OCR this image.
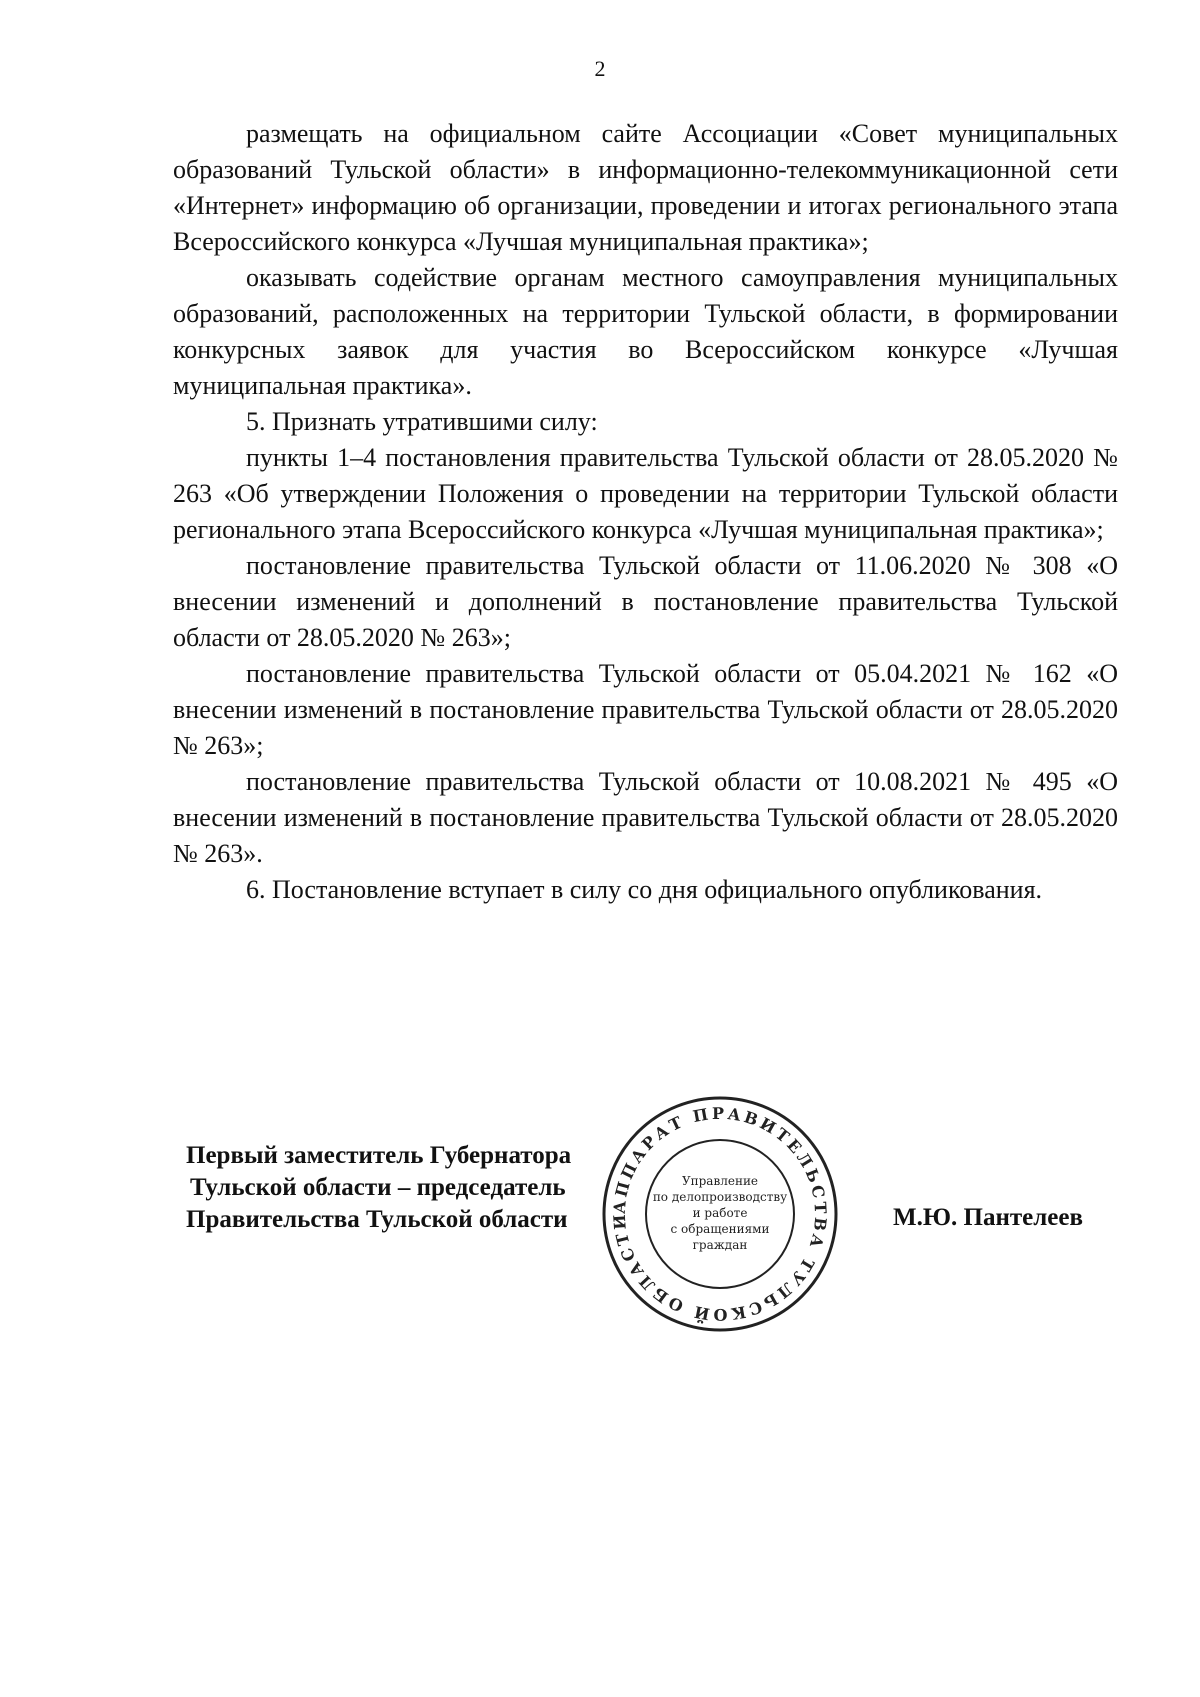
2

размещать на официальном сайте Ассоциации «Совет муниципальных образований Тульской области» в информационно-телекоммуникационной сети «Интернет» информацию об организации, проведении и итогах регионального этапа Всероссийского конкурса «Лучшая муниципальная практика»;

оказывать содействие органам местного самоуправления муниципальных образований, расположенных на территории Тульской области, в формировании конкурсных заявок для участия во Всероссийском конкурсе «Лучшая муниципальная практика».

5. Признать утратившими силу:

пункты 1–4 постановления правительства Тульской области от 28.05.2020 № 263 «Об утверждении Положения о проведении на территории Тульской области регионального этапа Всероссийского конкурса «Лучшая муниципальная практика»;

постановление правительства Тульской области от 11.06.2020 № 308 «О внесении изменений и дополнений в постановление правительства Тульской области от 28.05.2020 № 263»;

постановление правительства Тульской области от 05.04.2021 № 162 «О внесении изменений в постановление правительства Тульской области от 28.05.2020 № 263»;

постановление правительства Тульской области от 10.08.2021 № 495 «О внесении изменений в постановление правительства Тульской области от 28.05.2020 № 263».

6. Постановление вступает в силу со дня официального опубликования.

Первый заместитель Губернатора
Тульской области – председатель
Правительства Тульской области	М.Ю. Пантелеев
АППАРАТ ПРАВИТЕЛЬСТВА ТУЛЬСКОЙ ОБЛАСТИ
Управление
по делопроизводству
и работе
с обращениями
граждан
